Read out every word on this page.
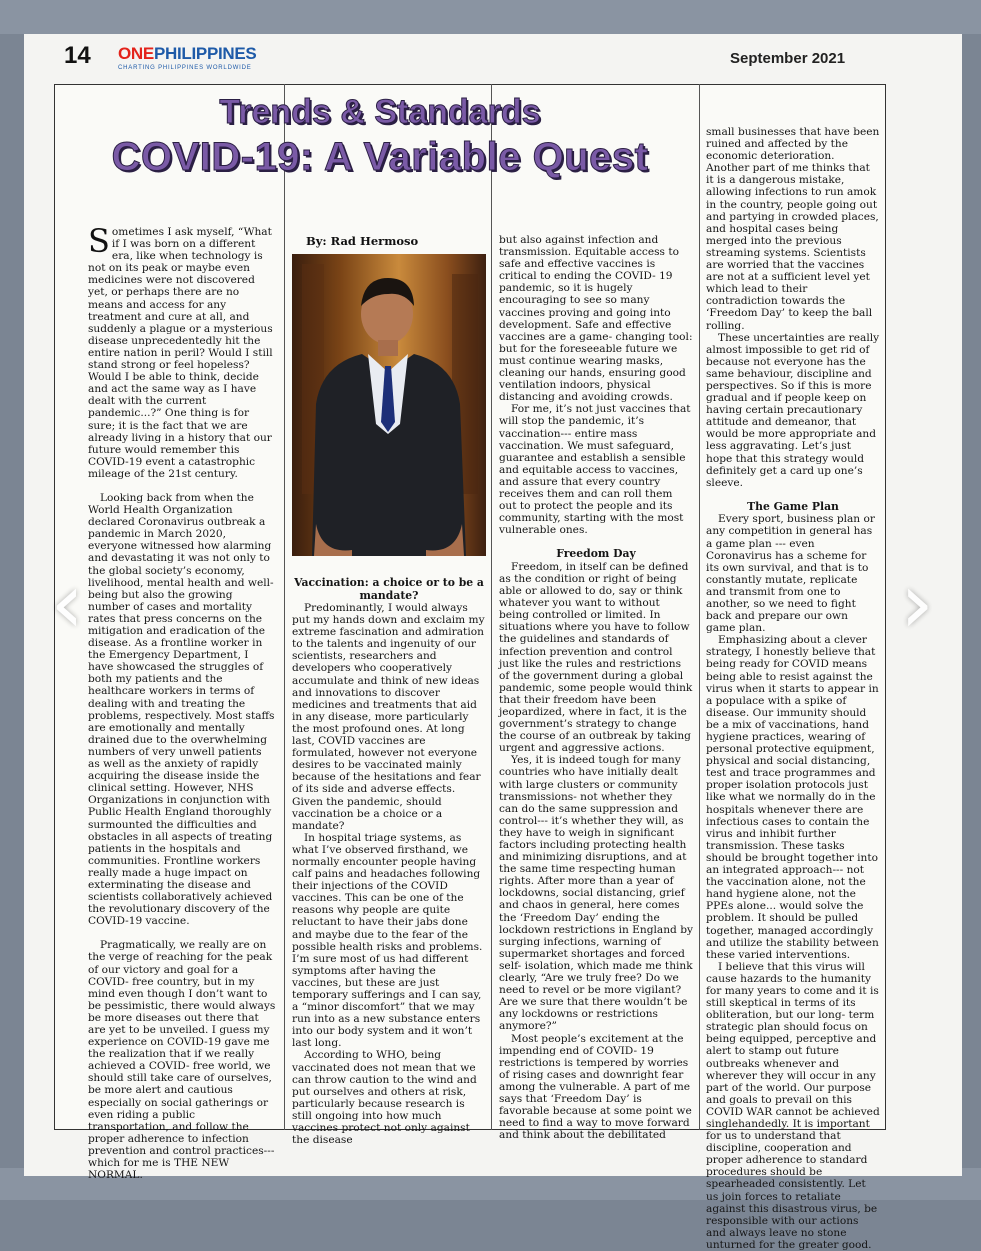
14 ONEPHILIPPINES
CHARTING PHILIPPINES WORLDWIDE
September 2021
Trends & Standards
COVID-19: A Variable Quest
By: Rad Hermoso
Sometimes I ask myself, “What if I was born on a different era, like when technology is not on its peak or maybe even medicines were not discovered yet, or perhaps there are no means and access for any treatment and cure at all, and suddenly a plague or a mysterious disease unprecedentedly hit the entire nation in peril? Would I still stand strong or feel hopeless? Would I be able to think, decide and act the same way as I have dealt with the current pandemic...?” One thing is for sure; it is the fact that we are already living in a history that our future would remember this COVID-19 event a catastrophic mileage of the 21st century.
Looking back from when the World Health Organization declared Coronavirus outbreak a pandemic in March 2020, everyone witnessed how alarming and devastating it was not only to the global society’s economy, livelihood, mental health and well- being but also the growing number of cases and mortality rates that press concerns on the mitigation and eradication of the disease. As a frontline worker in the Emergency Department, I have showcased the struggles of both my patients and the healthcare workers in terms of dealing with and treating the problems, respectively. Most staffs are emotionally and mentally drained due to the overwhelming numbers of very unwell patients as well as the anxiety of rapidly acquiring the disease inside the clinical setting. However, NHS Organizations in conjunction with Public Health England thoroughly surmounted the difficulties and obstacles in all aspects of treating patients in the hospitals and communities. Frontline workers really made a huge impact on exterminating the disease and scientists collaboratively achieved the revolutionary discovery of the COVID-19 vaccine.
Pragmatically, we really are on the verge of reaching for the peak of our victory and goal for a COVID- free country, but in my mind even though I don’t want to be pessimistic, there would always be more diseases out there that are yet to be unveiled. I guess my experience on COVID-19 gave me the realization that if we really achieved a COVID- free world, we should still take care of ourselves, be more alert and cautious especially on social gatherings or even riding a public transportation, and follow the proper adherence to infection prevention and control practices--- which for me is THE NEW NORMAL.
Vaccination: a choice or to be a mandate?
Predominantly, I would always put my hands down and exclaim my extreme fascination and admiration to the talents and ingenuity of our scientists, researchers and developers who cooperatively accumulate and think of new ideas and innovations to discover medicines and treatments that aid in any disease, more particularly the most profound ones. At long last, COVID vaccines are formulated, however not everyone desires to be vaccinated mainly because of the hesitations and fear of its side and adverse effects. Given the pandemic, should vaccination be a choice or a mandate?
In hospital triage systems, as what I’ve observed firsthand, we normally encounter people having calf pains and headaches following their injections of the COVID vaccines. This can be one of the reasons why people are quite reluctant to have their jabs done and maybe due to the fear of the possible health risks and problems. I’m sure most of us had different symptoms after having the vaccines, but these are just temporary sufferings and I can say, a “minor discomfort” that we may run into as a new substance enters into our body system and it won’t last long.
According to WHO, being vaccinated does not mean that we can throw caution to the wind and put ourselves and others at risk, particularly because research is still ongoing into how much vaccines protect not only against the disease
but also against infection and transmission. Equitable access to safe and effective vaccines is critical to ending the COVID- 19 pandemic, so it is hugely encouraging to see so many vaccines proving and going into development. Safe and effective vaccines are a game- changing tool: but for the foreseeable future we must continue wearing masks, cleaning our hands, ensuring good ventilation indoors, physical distancing and avoiding crowds.
For me, it’s not just vaccines that will stop the pandemic, it’s vaccination--- entire mass vaccination. We must safeguard, guarantee and establish a sensible and equitable access to vaccines, and assure that every country receives them and can roll them out to protect the people and its community, starting with the most vulnerable ones.
Freedom Day
Freedom, in itself can be defined as the condition or right of being able or allowed to do, say or think whatever you want to without being controlled or limited. In situations where you have to follow the guidelines and standards of infection prevention and control just like the rules and restrictions of the government during a global pandemic, some people would think that their freedom have been jeopardized, where in fact, it is the government’s strategy to change the course of an outbreak by taking urgent and aggressive actions.
Yes, it is indeed tough for many countries who have initially dealt with large clusters or community transmissions- not whether they can do the same suppression and control--- it’s whether they will, as they have to weigh in significant factors including protecting health and minimizing disruptions, and at the same time respecting human rights. After more than a year of lockdowns, social distancing, grief and chaos in general, here comes the ‘Freedom Day’ ending the lockdown restrictions in England by surging infections, warning of supermarket shortages and forced self- isolation, which made me think clearly, “Are we truly free? Do we need to revel or be more vigilant? Are we sure that there wouldn’t be any lockdowns or restrictions anymore?”
Most people’s excitement at the impending end of COVID- 19 restrictions is tempered by worries of rising cases and downright fear among the vulnerable. A part of me says that ‘Freedom Day’ is favorable because at some point we need to find a way to move forward and think about the debilitated
small businesses that have been ruined and affected by the economic deterioration. Another part of me thinks that it is a dangerous mistake, allowing infections to run amok in the country, people going out and partying in crowded places, and hospital cases being merged into the previous streaming systems. Scientists are worried that the vaccines are not at a sufficient level yet which lead to their contradiction towards the ‘Freedom Day’ to keep the ball rolling.
These uncertainties are really almost impossible to get rid of because not everyone has the same behaviour, discipline and perspectives. So if this is more gradual and if people keep on having certain precautionary attitude and demeanor, that would be more appropriate and less aggravating. Let’s just hope that this strategy would definitely get a card up one’s sleeve.
The Game Plan
Every sport, business plan or any competition in general has a game plan --- even Coronavirus has a scheme for its own survival, and that is to constantly mutate, replicate and transmit from one to another, so we need to fight back and prepare our own game plan.
Emphasizing about a clever strategy, I honestly believe that being ready for COVID means being able to resist against the virus when it starts to appear in a populace with a spike of disease. Our immunity should be a mix of vaccinations, hand hygiene practices, wearing of personal protective equipment, physical and social distancing, test and trace programmes and proper isolation protocols just like what we normally do in the hospitals whenever there are infectious cases to contain the virus and inhibit further transmission. These tasks should be brought together into an integrated approach--- not the vaccination alone, not the hand hygiene alone, not the PPEs alone... would solve the problem. It should be pulled together, managed accordingly and utilize the stability between these varied interventions.
I believe that this virus will cause hazards to the humanity for many years to come and it is still skeptical in terms of its obliteration, but our long- term strategic plan should focus on being equipped, perceptive and alert to stamp out future outbreaks whenever and wherever they will occur in any part of the world. Our purpose and goals to prevail on this COVID WAR cannot be achieved singlehandedly. It is important for us to understand that discipline, cooperation and proper adherence to standard procedures should be spearheaded consistently. Let us join forces to retaliate against this disastrous virus, be responsible with our actions and always leave no stone unturned for the greater good.
‹	›
